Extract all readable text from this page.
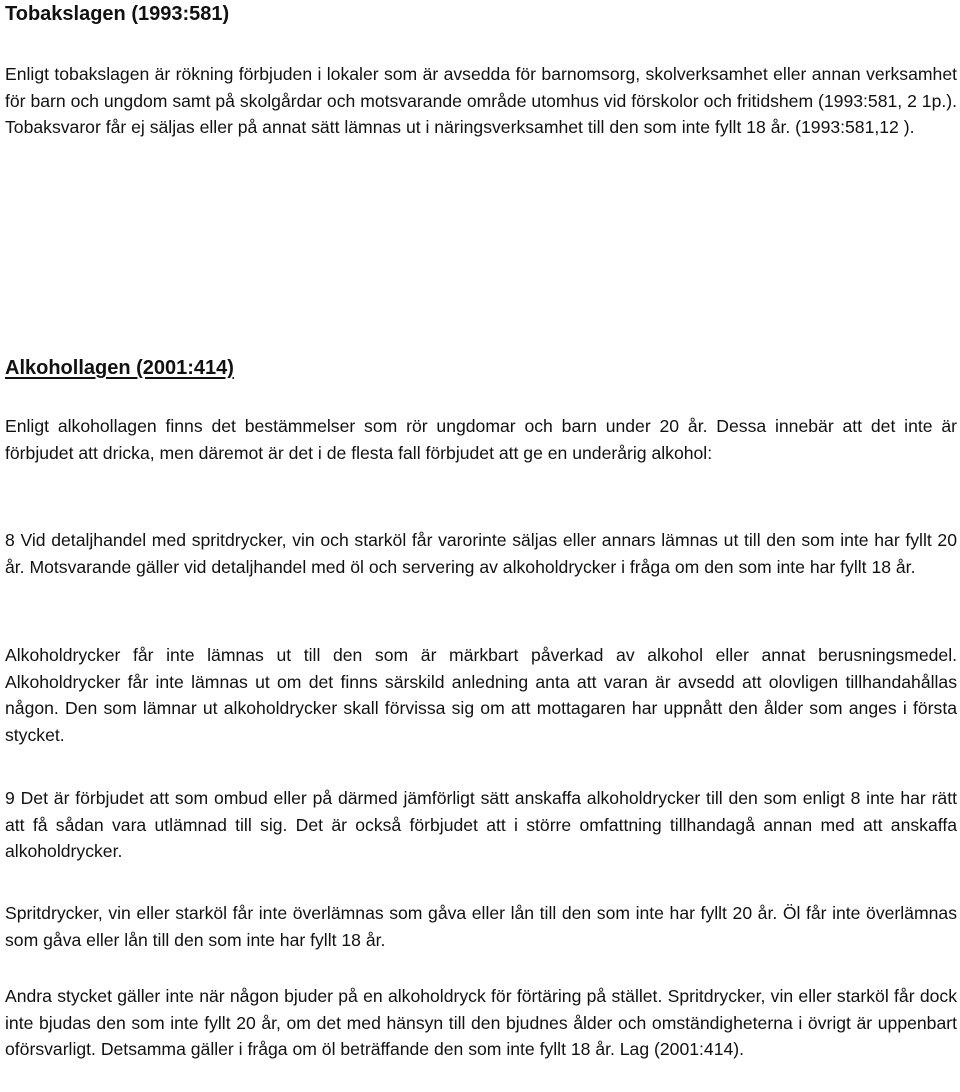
Tobakslagen (1993:581)

Enligt tobakslagen är rökning förbjuden i lokaler som är avsedda för barnomsorg, skolverksamhet eller annan verksamhet för barn och ungdom samt på skolgårdar och motsvarande område utomhus vid förskolor och fritidshem (1993:581, 2 1p.). Tobaksvaror får ej säljas eller på annat sätt lämnas ut i näringsverksamhet till den som inte fyllt 18 år. (1993:581,12 ).

Alkohollagen (2001:414)

Enligt alkohollagen finns det bestämmelser som rör ungdomar och barn under 20 år. Dessa innebär att det inte är förbjudet att dricka, men däremot är det i de flesta fall förbjudet att ge en underårig alkohol:

8 Vid detaljhandel med spritdrycker, vin och starköl får varorinte säljas eller annars lämnas ut till den som inte har fyllt 20 år. Motsvarande gäller vid detaljhandel med öl och servering av alkoholdrycker i fråga om den som inte har fyllt 18 år.

Alkoholdrycker får inte lämnas ut till den som är märkbart påverkad av alkohol eller annat berusningsmedel. Alkoholdrycker får inte lämnas ut om det finns särskild anledning anta att varan är avsedd att olovligen tillhandahållas någon. Den som lämnar ut alkoholdrycker skall förvissa sig om att mottagaren har uppnått den ålder som anges i första stycket.

9 Det är förbjudet att som ombud eller på därmed jämförligt sätt anskaffa alkoholdrycker till den som enligt 8 inte har rätt att få sådan vara utlämnad till sig. Det är också förbjudet att i större omfattning tillhandagå annan med att anskaffa alkoholdrycker.

Spritdrycker, vin eller starköl får inte överlämnas som gåva eller lån till den som inte har fyllt 20 år. Öl får inte överlämnas som gåva eller lån till den som inte har fyllt 18 år.

Andra stycket gäller inte när någon bjuder på en alkoholdryck för förtäring på stället. Spritdrycker, vin eller starköl får dock inte bjudas den som inte fyllt 20 år, om det med hänsyn till den bjudnes ålder och omständigheterna i övrigt är uppenbart oförsvarligt. Detsamma gäller i fråga om öl beträffande den som inte fyllt 18 år. Lag (2001:414).
